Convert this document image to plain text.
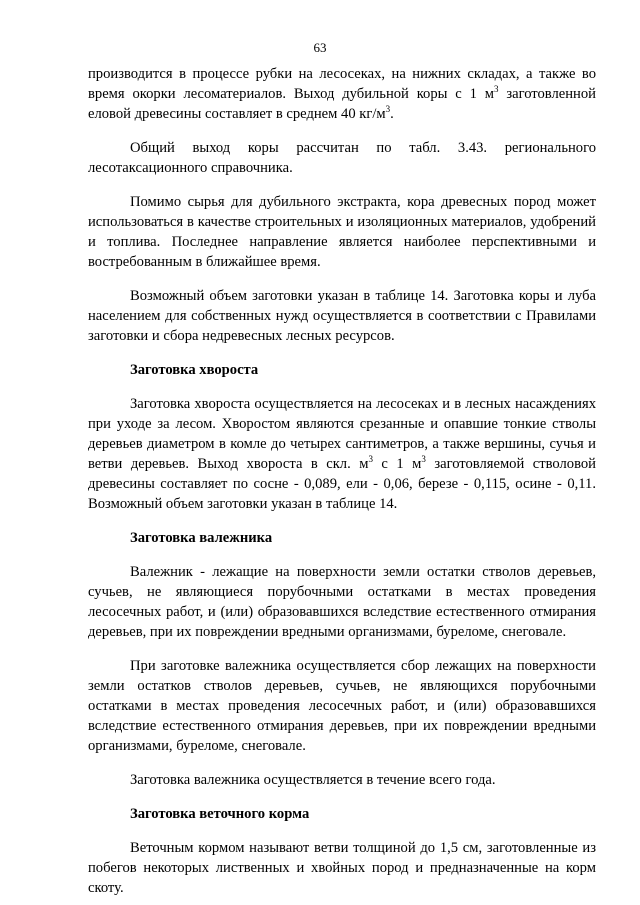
63

производится в процессе рубки на лесосеках, на нижних складах, а также во время окорки лесоматериалов. Выход дубильной коры с 1 $м^3$ заготовленной еловой древесины составляет в среднем 40 $кг/м^3$.

Общий выход коры рассчитан по табл. 3.43. регионального лесотаксационного справочника.

Помимо сырья для дубильного экстракта, кора древесных пород может использоваться в качестве строительных и изоляционных материалов, удобрений и топлива. Последнее направление является наиболее перспективными и востребованным в ближайшее время.

Возможный объем заготовки указан в таблице 14. Заготовка коры и луба населением для собственных нужд осуществляется в соответствии с Правилами заготовки и сбора недревесных лесных ресурсов.

Заготовка хвороста

Заготовка хвороста осуществляется на лесосеках и в лесных насаждениях при уходе за лесом. Хворостом являются срезанные и опавшие тонкие стволы деревьев диаметром в комле до четырех сантиметров, а также вершины, сучья и ветви деревьев. Выход хвороста в скл. $м^3$ с 1 $м^3$ заготовляемой стволовой древесины составляет по сосне - 0,089, ели - 0,06, березе - 0,115, осине - 0,11. Возможный объем заготовки указан в таблице 14.

Заготовка валежника

Валежник - лежащие на поверхности земли остатки стволов деревьев, сучьев, не являющиеся порубочными остатками в местах проведения лесосечных работ, и (или) образовавшихся вследствие естественного отмирания деревьев, при их повреждении вредными организмами, буреломе, снеговале.

При заготовке валежника осуществляется сбор лежащих на поверхности земли остатков стволов деревьев, сучьев, не являющихся порубочными остатками в местах проведения лесосечных работ, и (или) образовавшихся вследствие естественного отмирания деревьев, при их повреждении вредными организмами, буреломе, снеговале.

Заготовка валежника осуществляется в течение всего года.

Заготовка веточного корма

Веточным кормом называют ветви толщиной до 1,5 см, заготовленные из побегов некоторых лиственных и хвойных пород и предназначенные на корм скоту.
